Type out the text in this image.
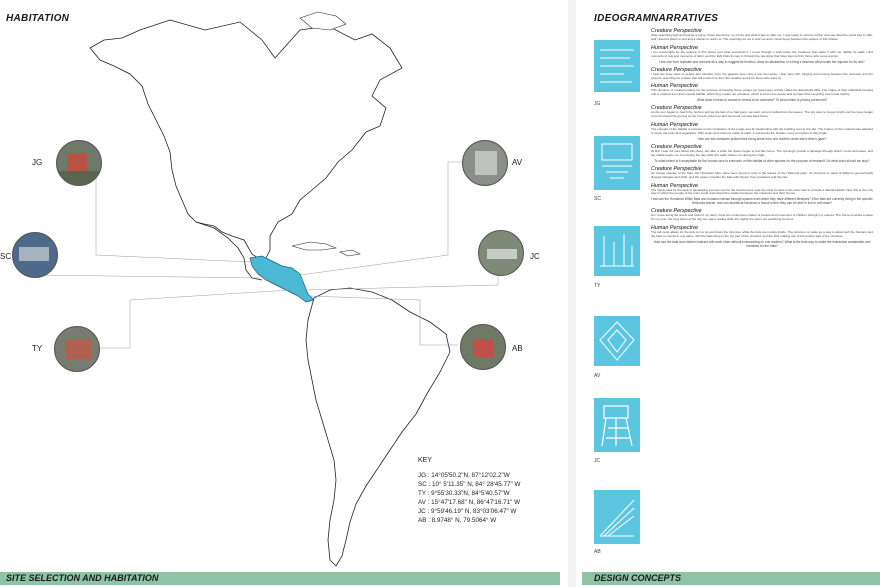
HABITATION
JG	AV
SC	JC
TY	AB
KEY
JG : 14°05'50.2"N, 87°12'02.2"W
SC : 10° 5'11.35" N, 84° 28'45.77" W
TY : 9°55'30.33"N, 84°5'40.57"W
AV : 15°47'17.68" N, 86°47'16.71" W
JC : 9°59'46.19" N, 83°03'06.47" W
AB : 8.9748° N, 79.5064° W
SITE SELECTION AND HABITATION
IDEOGRAM NARRATIVES
JG
SC
TY
AV
JC
AB
Creature Perspective
After searching high and low for a home I have found one, my home and what it has to offer me. I was ready to venture further and see what the world has to offer, and I found a place to rest and a shelter to return to. The openings let me in and out and I move freely between the spaces of this shelter.
Human Perspective
I am responsible for the upkeep of this space and what surrounds it. I move through it and notice the creatures that share it with me. Within its walls I find moments of rest and moments of labor, and the light finds its way in through the openings that have been left for those who come and go.
How can form replicate and reinvent as a way to suggest its function, draw an abstraction of a thing's essence still provide the impulse for its use?
Creature Perspective
I hear the busy pace of people and vibration from the gigantic trees only a few feet away. I stay here still, clinging and moving between the structure and the ground, searching for a place that will protect me from the weather and from those who pass by.
Human Perspective
This structure is created entirely for the purpose of housing those unique yet local types of bats called the Ectophylla Alba. The shape of their individual housing unit is inspired from their natural habitat, which they create out of leaves, which is a lot more dense and compact than anything else found nearby.
What does it mean to conserve versus to be observed? To what extent is privacy preserved?
Creature Perspective
As the sun began to reach the horizon and as the last of us had gone, we went out and settled into the leaves. The sky was no longer bright and the trees began to bend toward the ground as the breeze picked up and we found our way back home.
Human Perspective
The concept of the habitat is focused on the incubation of the jungle and its relationship with the building next to the site. The bottom of the material was adapted to serve the roots and vegetation. With levels and columns made of earth, it represents the bushes, trees and grass in this jungle.
How can two creatures protect their living areas from one another under each other's gaze?
Creature Perspective
At first I was not sure about this place, but after a while the space began to feel like home. The openings provide a passage through which I enter and leave, and the shade keeps me cool during the day while the walls shelter me during the night.
To what extent is it acceptable for the human race to encroach on the habitat of other species for the purpose of research? At what point should we stop?
Creature Perspective
An unique species of the bats, the Honduran bats, have been found to nest in the leaves of the Heliconia plant. Its structure is made of different geometrically shaped triangles and folds, and the space provides the bats with shelter from predators and the rain.
Human Perspective
The whole idea for the idea of developing a house next to the local houses near the other houses in the town was to provide a natural habitat. Now this is the only way in which the people of the town could understand the relation between the creatures and their homes.
How can the Honduran White Bats and humans interact through spaces even when they have different lifestyles? If the bats are currently living in the specific Heliconia leaves, how can architects introduce a house where they can be able to live in with ease?
Creature Perspective
As I move along the levels and folds of my ramp I hear the continuous chatter of people and movement of children through my spaces. The home provides a place for my nest, the long hours of the day are spent resting while the nights are spent out searching for food.
Human Perspective
The tall ramp allows for the kids to run up and down the structure while the bats are resting inside. The structure is made as a way to allow both the humans and the bats to coexist in one place, with the bats living in the top part of the structure and the kids making use of the bottom part of the structure.
How can the bats and children interact with each other without encroaching on one another? What is the best way to make the interaction sustainable and harmless for the bats?
DESIGN CONCEPTS
